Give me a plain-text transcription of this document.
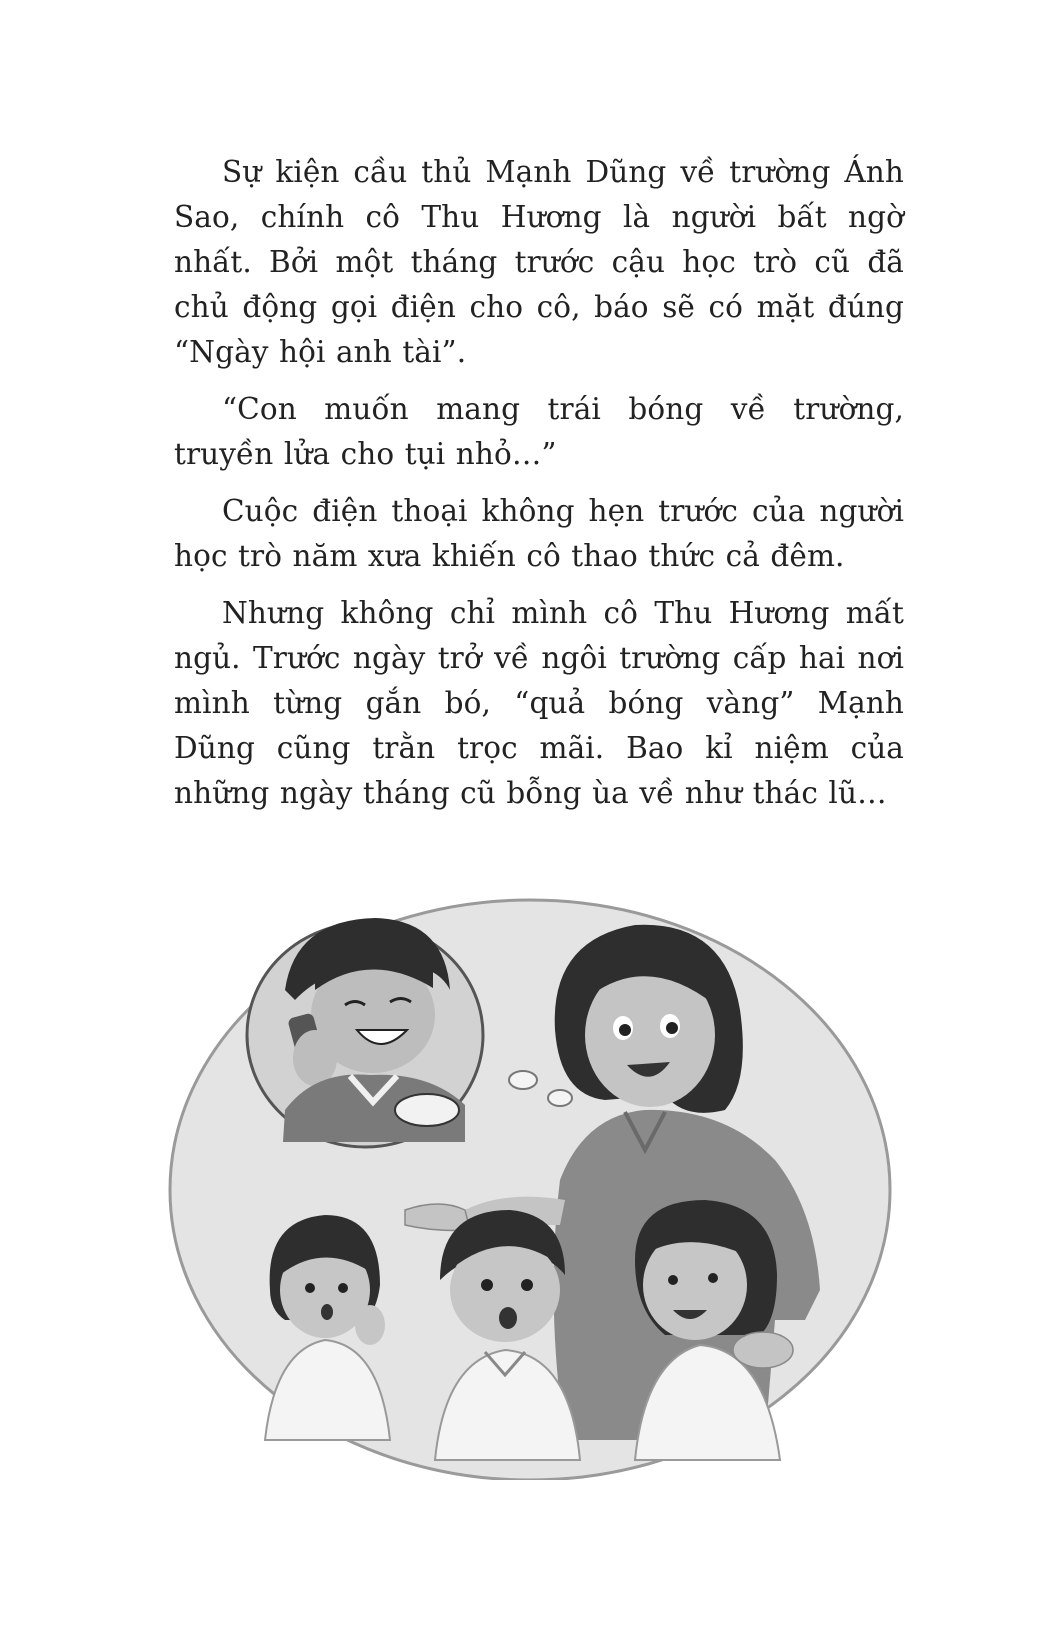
Sự kiện cầu thủ Mạnh Dũng về trường Ánh Sao, chính cô Thu Hương là người bất ngờ nhất. Bởi một tháng trước cậu học trò cũ đã chủ động gọi điện cho cô, báo sẽ có mặt đúng “Ngày hội anh tài”.

“Con muốn mang trái bóng về trường, truyền lửa cho tụi nhỏ…”

Cuộc điện thoại không hẹn trước của người học trò năm xưa khiến cô thao thức cả đêm.

Nhưng không chỉ mình cô Thu Hương mất ngủ. Trước ngày trở về ngôi trường cấp hai nơi mình từng gắn bó, “quả bóng vàng” Mạnh Dũng cũng trằn trọc mãi. Bao kỉ niệm của những ngày tháng cũ bỗng ùa về như thác lũ…
